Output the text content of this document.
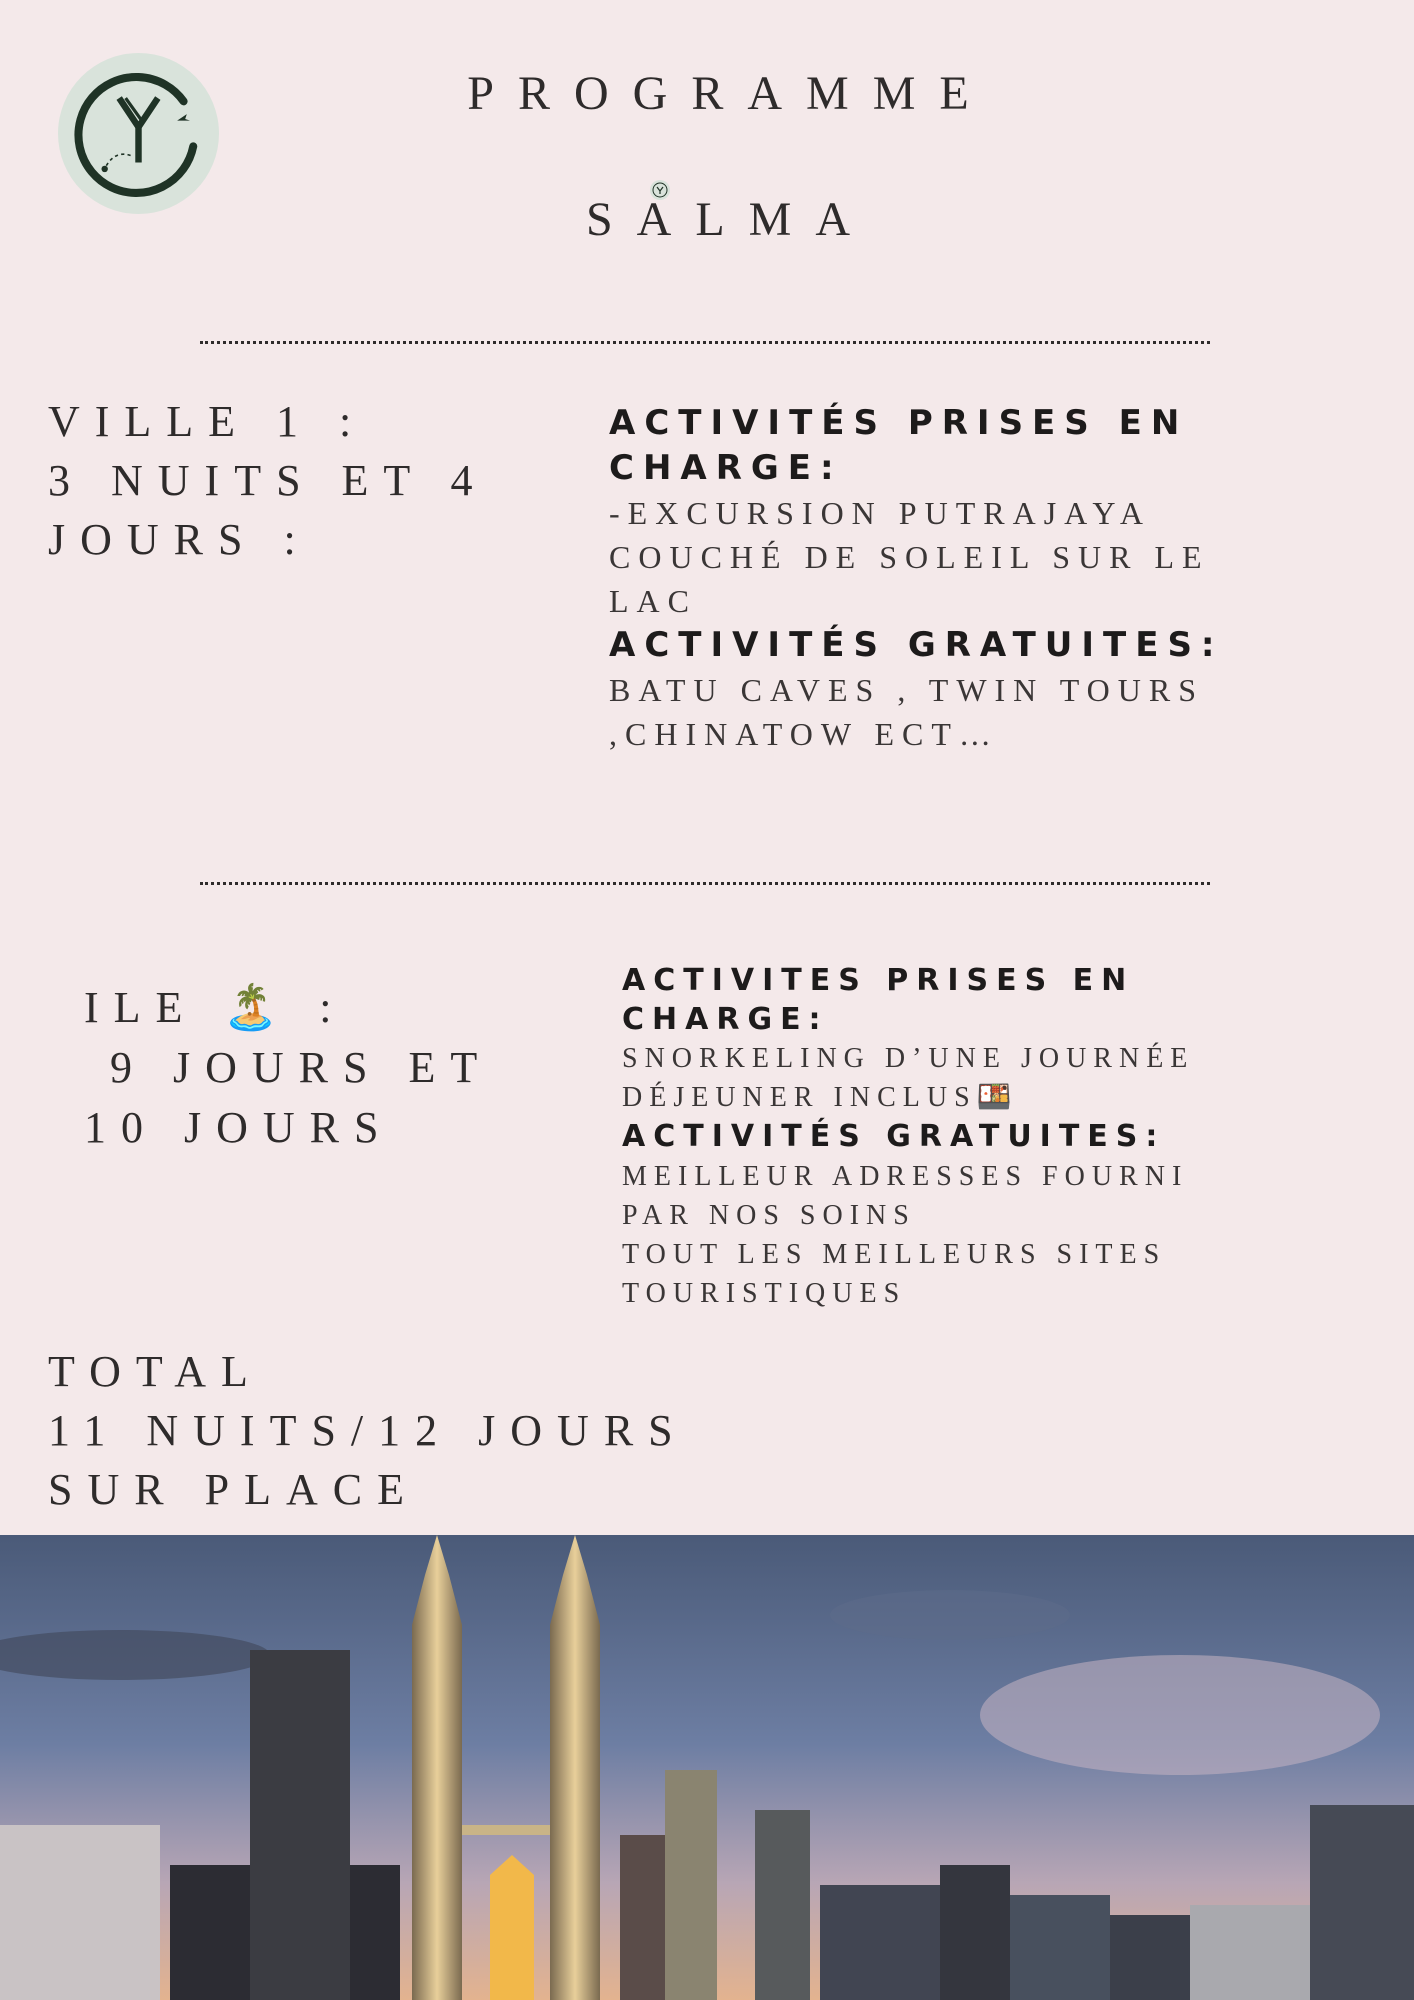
PROGRAMME
SALMA
VILLE 1 :
3 NUITS ET 4
JOURS :
ACTIVITÉS PRISES EN
CHARGE:
-EXCURSION PUTRAJAYA
COUCHÉ DE SOLEIL SUR LE
LAC
ACTIVITÉS GRATUITES:
BATU CAVES , TWIN TOURS
,CHINATOW ECT…
ILE 🏝️ :
9 JOURS ET
10 JOURS
ACTIVITES PRISES EN
CHARGE:
SNORKELING D’UNE JOURNÉE
DÉJEUNER INCLUS🍱
ACTIVITÉS GRATUITES:
MEILLEUR ADRESSES FOURNI
PAR NOS SOINS
TOUT LES MEILLEURS SITES
TOURISTIQUES
TOTAL
11 NUITS/12 JOURS
SUR PLACE
